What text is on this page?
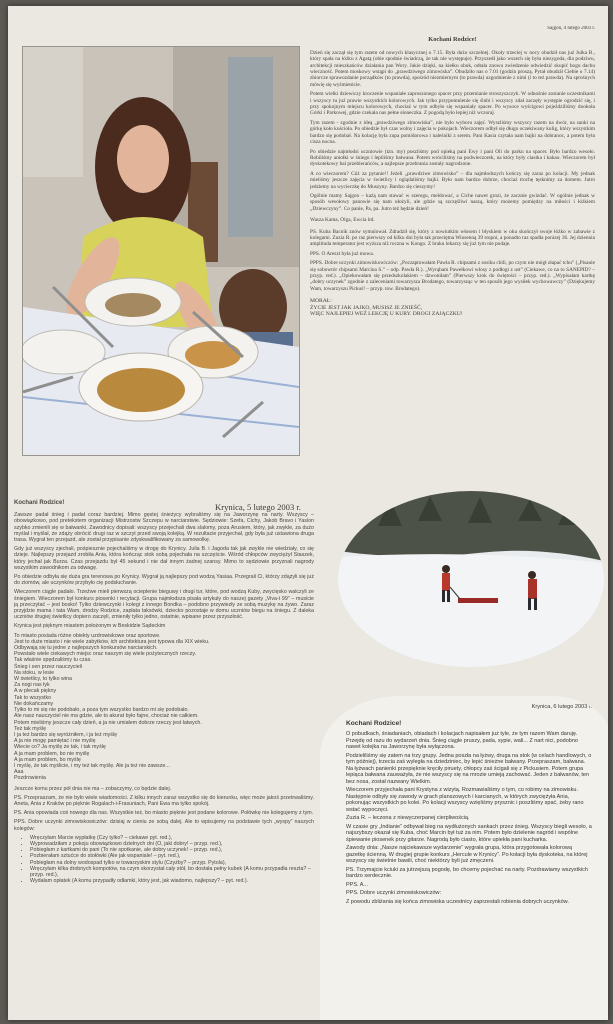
Sajgon, 4 lutego 2003 r.
Kochani Rodzice!

Dzień się zaczął się tym razem od nowych klasycznej o 7.15. Była dużo szczelnej. Okoły trzeciej w nocy obudził nas już Julka B., który spała na łóżku z Agatą (obie spodnie świadczą, że tak nie występuje). Przyszedł jako wszech się była niezygoda, dla podziwu, architekcji mieszkańców działania pan Wory. Jakie dzięki, na kiełku obok, odtała znowu zwiedzenie odwiedzić skupić bogu dachu wieczność. Potem moskowy wstąpi do „prawdziwego zimowiska”. Obudziło nas o 7.01 (godzin proszą. Pytał obudził Ciebie o 7.14) zbiorcze sprawozdanie porządków (to prawda), spośród niezmiernym (to prawda) uzgodnienie z nimi (i to też prawda). Na sprośnych mówię się wyśmienicie.

Potem wielki dziewiczy kroczenie wspaniałe zaproszonego spacer przy przemianie stroszyszczyk. W odnośnie zostanie uczestnikami i wszyscy tu już prawie wszystkich kolorowych. Jak tylko przypomnienie się ślubi i wszyscy zdał zaczęły występie ogrodzić się, i przy spokojnym miejscu kolorowych, chociaż w tym odbyło się wspaniały spacer. Po wysoce wyścigowi pojeździliśmy dookoła Górki i Parkowej, gdzie czekała nas pełne słoneczka. Z pogodą było lepiej niż wczoraj.

Tym razem - zgodnie z ideą „prawdziwego zimowiska”, nie było wyboru zajęć. Wyszliśmy wszyscy razem na dwór, na sanki na górkę koło kościoła. Po obiedzie był czas wolny i zajęcia w pokojach. Wieczorem odbył się długo oczekiwany kulig, który wszystkim bardzo się podobał. Na kolację była zupa pomidorowa i naleśniki z serem. Pani Kasia czytała nam bajki na dobranoc, a potem była cisza nocna.

Po obiedzie najmłodsi uczniowie (tzn. my) poszliśmy pod opieką pani Ewy i pani Oli do parku na spacer. Było bardzo wesoło. Robiliśmy aniołki w śniegu i lepiliśmy bałwana. Potem wróciliśmy na podwieczorek, na który były ciastka i kakao. Wieczorem był dyskotekowy bal przebierańców, a najlepsze przebrania zostały nagrodzone.

A co wieczorem? Cóż za pytanie!! Jeżeli „prawdziwe zimowisko” – dla najmłodszych kończy się zaraz po kolacji. My jednak mieliśmy jeszcze zajęcia w świetlicy i oglądaliśmy bajki. Było nam bardzo dobrze, chociaż trochę tęsknimy za domem. Jutro jedziemy na wycieczkę do Muszyny. Bardzo się cieszymy!

Ogólnie mamy Sajgon – każą nam stawać w szeregu, meldować, a Ciche nawet grozi, że zacznie gwizdać. W ogólnie jednak w sposób wesołowy panowie się nam ułożyli, ale gdzie są szczęśliwi naszą, który możemy pomiędzy na miłości i łóżkiem „Dziewczyny”. Co panie, Pa, pa. Jutro też będzie dzień!

Wasza Kama, Olga, Ewcia itd.

PS. Kuba Bacnik znów symulował. Zdradził się, który z nowiutkim włosem i błyskiem w oku skończył swoje łóżko w zabawie z kolegami. Zuzia R. po raz pierwszy od kilku dni była tak przeciętna Wiosenną 39 stopni, a ponadto raz spadła ponizej 36. Jej dziennia amplituda temperatur jest wyższa niż roczna w Kongo. Z braku lekarzy się już tym nie podaje.

PPS. O Areszt była już mowa.

PPPS. Dobre uczynki zimowiskowiczów: „Poczaptowałam Pawła R. chipsami z sosiku chili, po czym nie mógł złapać tchu” („Pisanie się sobowtór chipsami Marcina S.” – odp. Pawła R.). „Wyrąbam Pawełkowi włosy z podłogi z ust” (Ciekawe, co na to SANEPID? – przyp. red.). „Opiekowałam się przedszkolakiem – dzwoniłam” (Pierwszy krok do świętości – przyp. red.). „Wypisałam kartkę „dobry uczynek” zgodnie z zaleceniami towarzysza Brodatego, towarzysząc w ten sposób jego wysiłek wychowawczy” (Dziękujemy Wam, towarzyszu Pickuś! – przyp. tow. Brodatego).

MORAŁ:
ŻYCIE JEST JAK JAJKO, MUSISZ JE ZNIEŚĆ,
WIĘC NAJLEPIEJ WEŹ LEKCJĘ U KURY. DROGI ZAJĄCZKU!
Krynica, 5 lutego 2003 r.
Kochani Rodzice!

Zawsze padał śnieg i padał coraz bardziej. Mimo gęstej śnieżycy wybraliśmy się na Jaworzynę na narty. Wszyscy – obowiązkowo, pod pretekstem organizacji Mistrzostw Szczepu w narciarstwie. Sędziowie: Szefa, Cichy, Jakob Bravo i Yaslon szybko zmienili się w bałwanki. Zawodnicy dopisali: wszyscy przejechali dwa slalomy, poza Arusiem, który, jak zwykle, za dużo myślał i myślał, że zdąży obrócić drugi raz w szczyt przed swoją kolejką. W rezultacie przyjechał, gdy była już ustawiona druga trasa. Wygrał ten przejazd, ale został przypisanie zdyskwalifikowany za samowolkę.

Gdy już wszyscy zjechali, pośpiesznie pojechaliśmy w drogę do Krynicy. Julia B. i Jagoda tak jak zwykle nie wiedziały, co się dzieje. Najlepszy przejazd zrobiła Ania, która kończąc stok sobą pojechała na szczęście. Wśród chłopców zwyciężył Staszek, który jechał jak Burza. Czas przejazdu był 45 sekund i nie dał innym żadnej szansy. Mimo to sędziowie przyznali nagrody wszystkim zawodnikom za odwagę.

Po obiedzie odbyła się duża gra terenowa po Krynicy. Wygrał ją najlepszy pod wodzą Yasiaa. Przegrali Ci, którzy zdążyli się już do ziomów, ale uczynków przybyło cię podsłuchanie.

Wieczorem ciągle padało. Trzeźwe mieli pierwszą ocieplenie bieguwy i drugi tur, które, pod wodzą Kuby, zwycięsko walczyli ze śniegiem. Wieczorem był konkurs piosenki i recytacji. Grupa najmłodsza pisała artykuły do naszej gazety „Viva-t 99” – musicie ją przeczytać – jest bosko! Tylko dziewczynki i kolegi z innego Bondka – podobno przywiezły ze sobą muzykę na żywo. Zaraz przyjdzie mama i tata Wam, drodzy Rodzice, zapłata taksówki, dziecko pozostaje w domu uczniów biegu na śniegu. Z daleka uczniów drugiej świetlicy dopiero zaczęli, zmieniły tylko jedno, ostatnie, wpisane przez przyszłość.

Krynica jest pięknym miastem położonym w Beskidzie Sądeckim

To miasto posiada różne obiekty uzdrowiskowe oraz sportowe.
Jest to duże miasto i nie wiele zabytków, ich architektura jest typowa dla XIX wieku.
Odbywają się tu jedne z najlepszych konkursów narciarskich.
Powstało wiele ciekawych miejsc oraz naszym się wiele pożytecznych rzeczy.
Tak właśnie spędzaliśmy tu czas.
Śnieg i sen przez nauczycieli
Na stoku, w lesie
W świetlicy, to tylko wina
Za nogi nas łyk
A w plecak piękny
Tak to wszystko
Nie dokańczamy
Tylko to mi się nie podobało, a poza tym wszystko bardzo mi się podobało.
Ale nasz nauczyciel nie ma gdzie, ale to akurat było fajne, chociaż nie całkiem.
Potem mieliśmy jeszcze cały dzień, a ja nie umiałem dobrze rzeczy jest łatwych.
Też tak myślę
I ja też bardzo się wyróżniłem, i ja też myślę
A ja nie mogę pamiętać i nie myślę
Wiecie co? Ja myślę że tak, i tak myślę
A ja mam problem, bo nie myślę
A ja mam problem, bo myślę
I myślę, że tak myślicie, i my też tak myślę. Ale ja też nie zawsze...
Aaa
Pozdrowienia

Jeszcze komu przez pół dnia nie ma – zobaczymy, co będzie dalej.

PS. Przepraszam, że nie było wiele wiadomości. Z kilku innych zaraz wszystko się do kierunku, więc może jakoś przetrwaliśmy. Aneta, Ania z Kraków po pięknie Rogalach-i-Frasuniach, Pani Ewa ma tylko spokój.

PS. Ania opowiada coś nowego dla nas. Wszystkie też, bo miasto pięknie jest podane kolorowe. Połówkę nie kolegujemy z tym.

PPS. Dobre uczynki zimowiskowiczów: dzisiaj w cieniu ze sobą dalej. Ale to wpisujemy na podstawie tych „wyspy” naszych kolegów:

• Wręczyłam Marcie wypłatkę (Czy tylko? – ciekawe pyt. red.),
• Wyprowadziłam z pokoju obowiązkowo dzielnych dni (O, jaki dobry! – przyp. red.),
• Pobiegłam z kartkami do pani (To nie spotkanie, ale dobry uczynek! – przyp. red.),
• Pozbierałam sztućce do stołówki (Ale jak wspaniale! – pyt. red.),
• Pobiegłam na dolny wodospad tylko w towarzyskim stylu (Czyżby? – przyp. Pytola),
• Wręczyłam kilka drobnych kompotów, na czym skorzystał cały stół, bo dostała pełny kubek (A komu przypadła reszta? – przyp. red.),
• Wydałam opłatek (A komu przypadły odłamki, który jest, jak wiadomo, najlepszy? – pyt. red.).
Krynica, 6 lutego 2003 r.
Kochani Rodzice!

O pobudkach, śniadaniach, obiadach i kolacjach napisałem już tyle, że tym razem Wam daruję. Przejdę od razu do wydarzeń dnia. Śnieg ciągle pruszy, pada, sypie, wali... Z nart nici, podobno nawet kolejka na Jaworzynę była wyłączona.

Podzieliliśmy się zatem na trzy grupy. Jedna poszła na łyżwy, druga na stok (w celach handlowych, o tym później), trzecia zaś wyległa na dziedziniec, by lepić śnieżne bałwany. Przepraszam, bałwana. Na łyżwach panienki przepięknie kręciły piruety, chłopcy zaś ścigali się z Pickusiem. Potem grupa lepiąca bałwana zauważyła, że nie wszyscy się na mrozie umieją zachować. Jeden z bałwanów, ten bez nosa, został nazwany Wielkim.

Wieczorem przyjechała pani Krystyna z wizytą. Rozmawialiśmy o tym, co robimy na zimowisku. Następnie odbyły się zawody w grach planszowych i karcianych, w których zwyciężyła Ania, pokonując wszystkich po kolei. Po kolacji wszyscy wzięliśmy prysznic i poszliśmy spać, żeby rano wstać wypoczęci.

Zuzia R. – leczona z niewyczerpanej cierpliwością.

W czasie gry „Indianie” odbywał bieg na wydłużonych sankach przez śnieg. Wszyscy biegli wesoło, a najszybszy okazał się Kuba, choć Marcin był tuż za nim. Potem było dzielenie nagród i wspólne śpiewanie piosenek przy gitarze. Nagrodą było ciasto, które upiekła pani kucharka.

Zawody dnia: „Nasze najciekawsze wydarzenie” wygrała grupa, która przygotowała kolorową gazetkę ścienną. W drugiej grupie konkurs „Hercule w Krynicy”. Po kolacji była dyskoteka, na której wszyscy się świetnie bawili, choć niektórzy byli już zmęczeni.

PS. Trzymajcie kciuki za jutrzejszą pogodę, bo chcemy pojechać na narty. Pozdrawiamy wszystkich bardzo serdecznie.

PPS. A...

PPS. Dobre uczynki zimowiskowiczów:

Z powodu zbliżania się końca zimowiska uczestnicy zaprzestali robienia dobrych uczynków.
